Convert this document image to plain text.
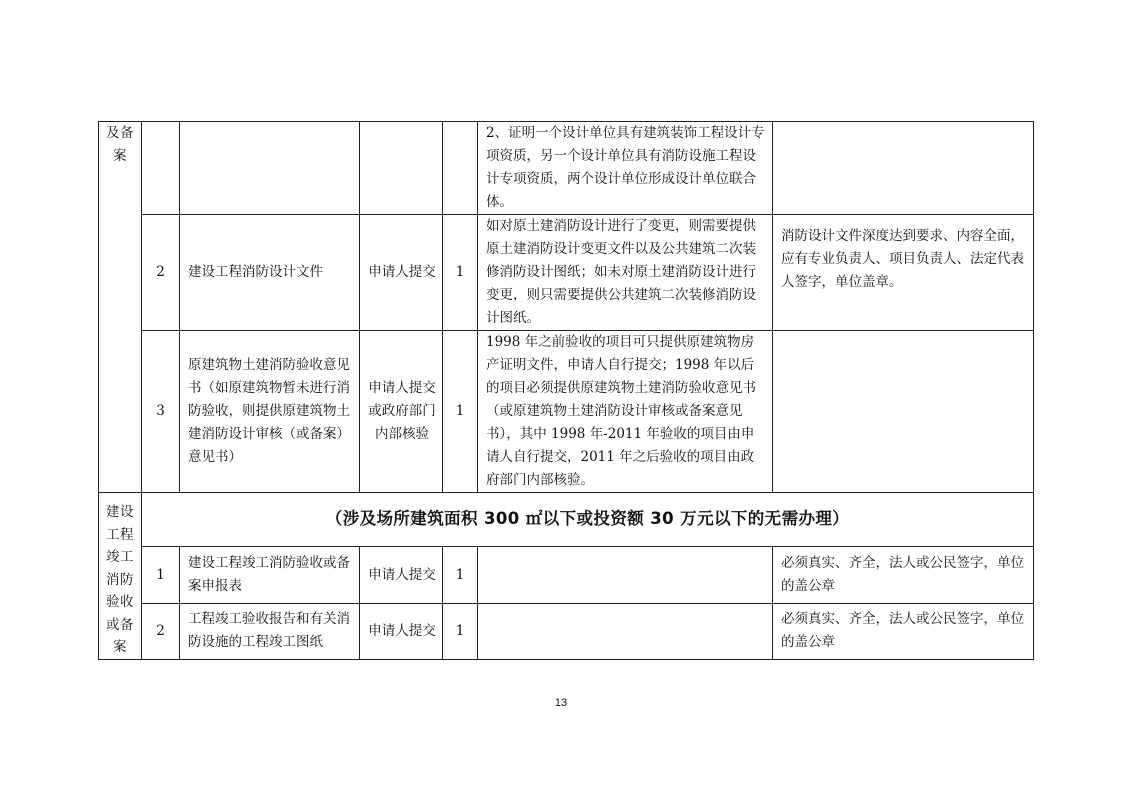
及备案					2、证明一个设计单位具有建筑装饰工程设计专项资质，另一个设计单位具有消防设施工程设计专项资质，两个设计单位形成设计单位联合体。	

	2	建设工程消防设计文件	申请人提交	1	如对原土建消防设计进行了变更，则需要提供原土建消防设计变更文件以及公共建筑二次装修消防设计图纸；如未对原土建消防设计进行变更，则只需要提供公共建筑二次装修消防设计图纸。	消防设计文件深度达到要求、内容全面，应有专业负责人、项目负责人、法定代表人签字，单位盖章。

	3	原建筑物土建消防验收意见书（如原建筑物暂未进行消防验收，则提供原建筑物土建消防设计审核（或备案）意见书）	申请人提交或政府部门内部核验	1	1998 年之前验收的项目可只提供原建筑物房产证明文件，申请人自行提交；1998 年以后的项目必须提供原建筑物土建消防验收意见书（或原建筑物土建消防设计审核或备案意见书），其中 1998 年-2011 年验收的项目由申请人自行提交，2011 年之后验收的项目由政府部门内部核验。	

建设工程竣工消防验收或备案	（涉及场所建筑面积 300 ㎡以下或投资额 30 万元以下的无需办理）					
	1	建设工程竣工消防验收或备案申报表	申请人提交	1		必须真实、齐全，法人或公民签字，单位的盖公章

	2	工程竣工验收报告和有关消防设施的工程竣工图纸	申请人提交	1		必须真实、齐全，法人或公民签字，单位的盖公章
13
